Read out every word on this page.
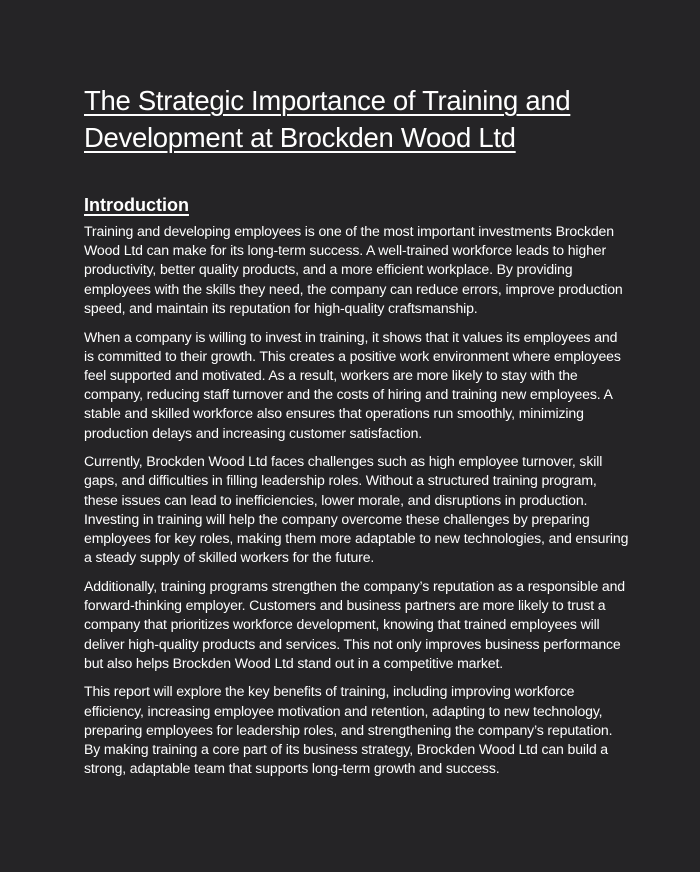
The Strategic Importance of Training and Development at Brockden Wood Ltd
Introduction

Training and developing employees is one of the most important investments Brockden Wood Ltd can make for its long-term success. A well-trained workforce leads to higher productivity, better quality products, and a more efficient workplace. By providing employees with the skills they need, the company can reduce errors, improve production speed, and maintain its reputation for high-quality craftsmanship.

When a company is willing to invest in training, it shows that it values its employees and is committed to their growth. This creates a positive work environment where employees feel supported and motivated. As a result, workers are more likely to stay with the company, reducing staff turnover and the costs of hiring and training new employees. A stable and skilled workforce also ensures that operations run smoothly, minimizing production delays and increasing customer satisfaction.

Currently, Brockden Wood Ltd faces challenges such as high employee turnover, skill gaps, and difficulties in filling leadership roles. Without a structured training program, these issues can lead to inefficiencies, lower morale, and disruptions in production. Investing in training will help the company overcome these challenges by preparing employees for key roles, making them more adaptable to new technologies, and ensuring a steady supply of skilled workers for the future.

Additionally, training programs strengthen the company’s reputation as a responsible and forward-thinking employer. Customers and business partners are more likely to trust a company that prioritizes workforce development, knowing that trained employees will deliver high-quality products and services. This not only improves business performance but also helps Brockden Wood Ltd stand out in a competitive market.

This report will explore the key benefits of training, including improving workforce efficiency, increasing employee motivation and retention, adapting to new technology, preparing employees for leadership roles, and strengthening the company’s reputation. By making training a core part of its business strategy, Brockden Wood Ltd can build a strong, adaptable team that supports long-term growth and success.
